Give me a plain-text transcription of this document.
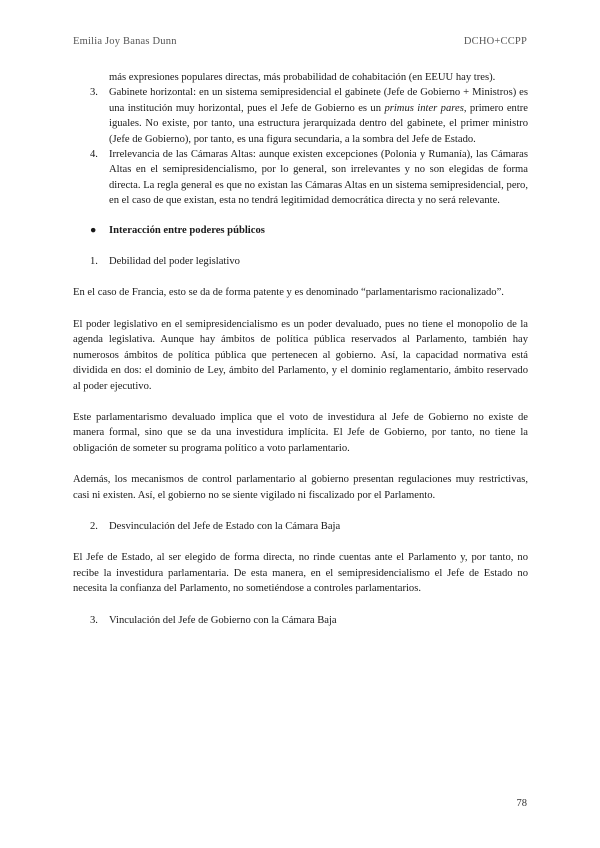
Emilia Joy Banas Dunn	DCHO+CCPP

más expresiones populares directas, más probabilidad de cohabitación (en EEUU hay tres).

3. Gabinete horizontal: en un sistema semipresidencial el gabinete (Jefe de Gobierno + Ministros) es una institución muy horizontal, pues el Jefe de Gobierno es un primus inter pares, primero entre iguales. No existe, por tanto, una estructura jerarquizada dentro del gabinete, el primer ministro (Jefe de Gobierno), por tanto, es una figura secundaria, a la sombra del Jefe de Estado.

4. Irrelevancia de las Cámaras Altas: aunque existen excepciones (Polonia y Rumanía), las Cámaras Altas en el semipresidencialismo, por lo general, son irrelevantes y no son elegidas de forma directa. La regla general es que no existan las Cámaras Altas en un sistema semipresidencial, pero, en el caso de que existan, esta no tendrá legitimidad democrática directa y no será relevante.

● Interacción entre poderes públicos

1. Debilidad del poder legislativo

En el caso de Francia, esto se da de forma patente y es denominado “parlamentarismo racionalizado”.

El poder legislativo en el semipresidencialismo es un poder devaluado, pues no tiene el monopolio de la agenda legislativa. Aunque hay ámbitos de política pública reservados al Parlamento, también hay numerosos ámbitos de política pública que pertenecen al gobierno. Así, la capacidad normativa está dividida en dos: el dominio de Ley, ámbito del Parlamento, y el dominio reglamentario, ámbito reservado al poder ejecutivo.

Este parlamentarismo devaluado implica que el voto de investidura al Jefe de Gobierno no existe de manera formal, sino que se da una investidura implícita. El Jefe de Gobierno, por tanto, no tiene la obligación de someter su programa político a voto parlamentario.

Además, los mecanismos de control parlamentario al gobierno presentan regulaciones muy restrictivas, casi ni existen. Así, el gobierno no se siente vigilado ni fiscalizado por el Parlamento.

2. Desvinculación del Jefe de Estado con la Cámara Baja

El Jefe de Estado, al ser elegido de forma directa, no rinde cuentas ante el Parlamento y, por tanto, no recibe la investidura parlamentaria. De esta manera, en el semipresidencialismo el Jefe de Estado no necesita la confianza del Parlamento, no sometiéndose a controles parlamentarios.

3. Vinculación del Jefe de Gobierno con la Cámara Baja

78
